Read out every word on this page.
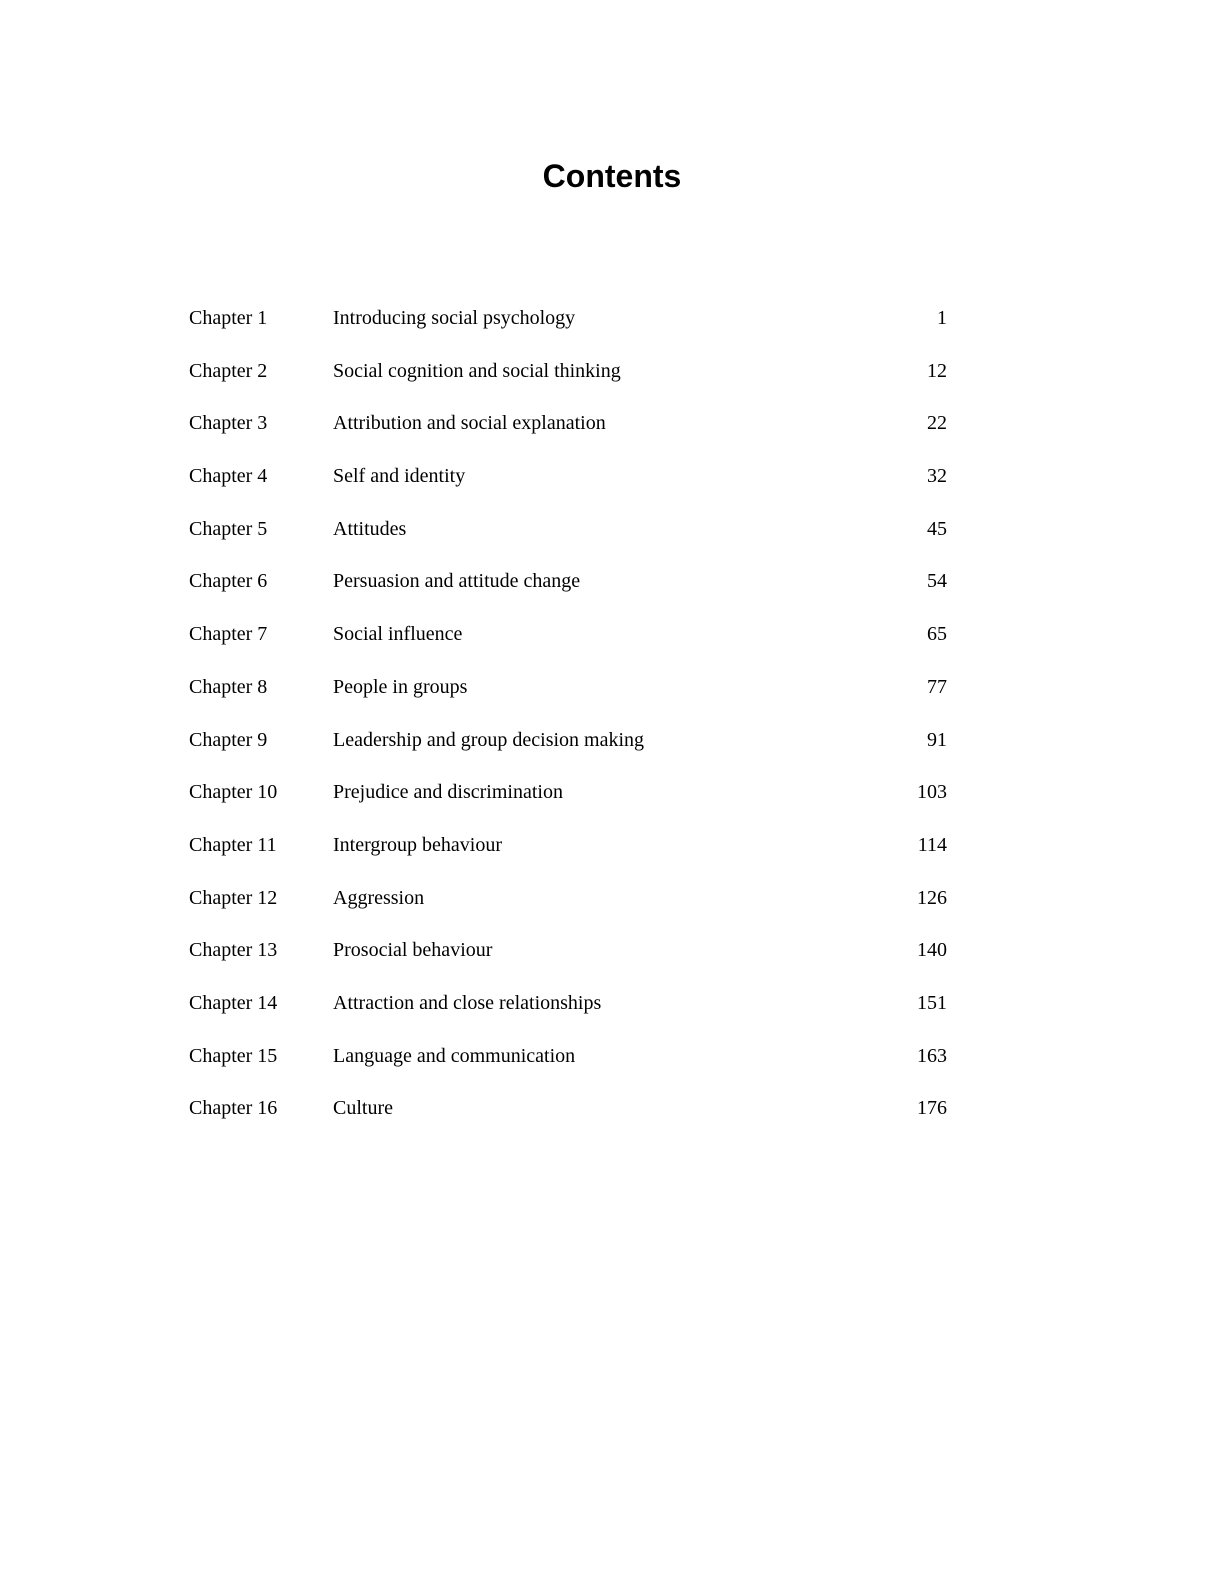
Contents
Chapter 1	Introducing social psychology	1
Chapter 2	Social cognition and social thinking	12
Chapter 3	Attribution and social explanation	22
Chapter 4	Self and identity	32
Chapter 5	Attitudes	45
Chapter 6	Persuasion and attitude change	54
Chapter 7	Social influence	65
Chapter 8	People in groups	77
Chapter 9	Leadership and group decision making	91
Chapter 10	Prejudice and discrimination	103
Chapter 11	Intergroup behaviour	114
Chapter 12	Aggression	126
Chapter 13	Prosocial behaviour	140
Chapter 14	Attraction and close relationships	151
Chapter 15	Language and communication	163
Chapter 16	Culture	176
